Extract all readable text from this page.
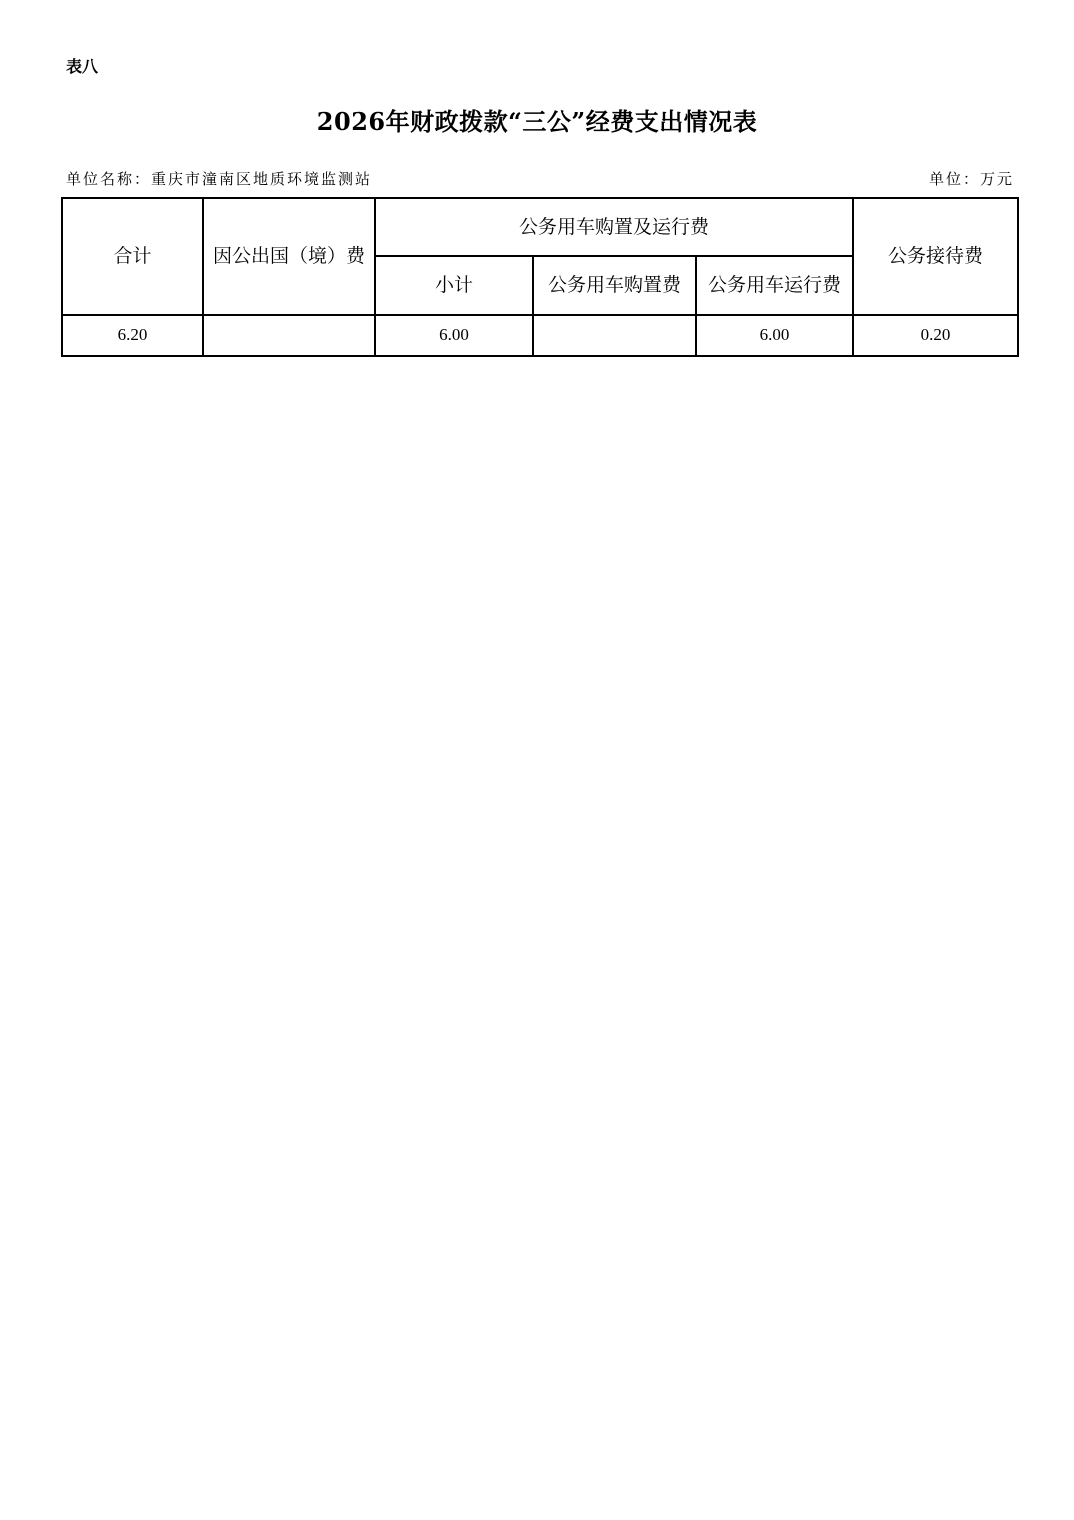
表八
2026年财政拨款“三公”经费支出情况表
单位名称：重庆市潼南区地质环境监测站	单位：万元
合计	因公出国（境）费	公务用车购置及运行费			公务接待费
		小计	公务用车购置费	公务用车运行费	
6.20		6.00		6.00	0.20
